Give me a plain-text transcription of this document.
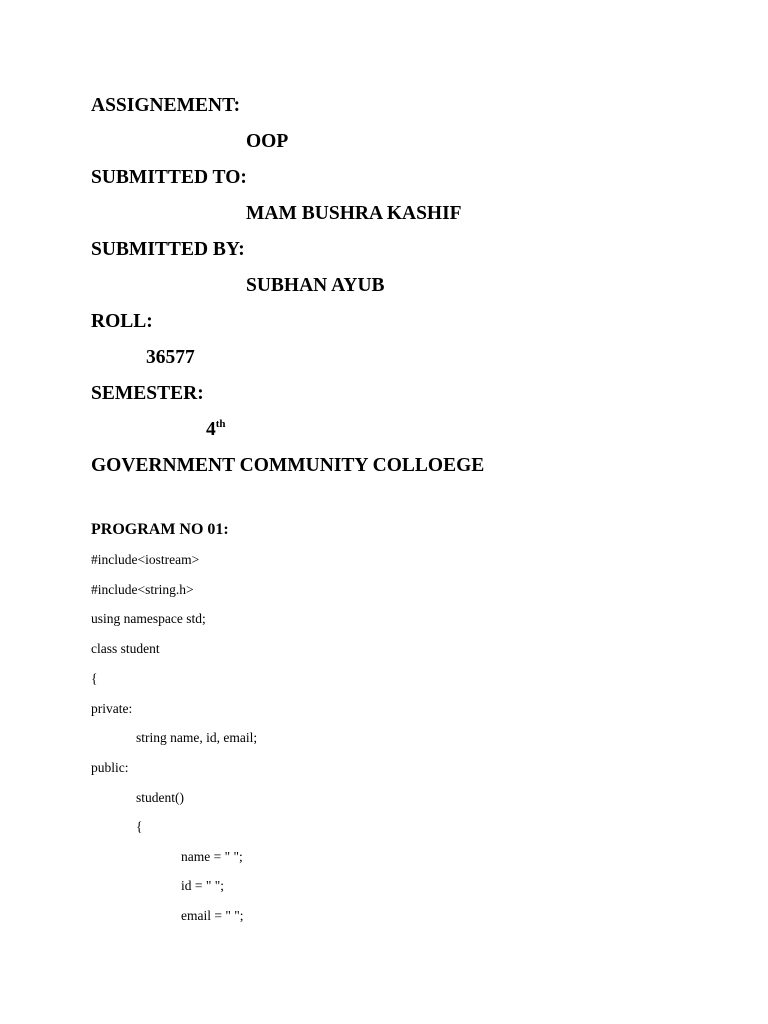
ASSIGNEMENT:
OOP
SUBMITTED TO:
MAM BUSHRA KASHIF
SUBMITTED BY:
SUBHAN AYUB
ROLL:
36577
SEMESTER:
4th
GOVERNMENT COMMUNITY COLLOEGE
PROGRAM NO 01:
#include<iostream>
#include<string.h>
using namespace std;
class student
{
private:
string name, id, email;
public:
student()
{
name = " ";
id = " ";
email = " ";
